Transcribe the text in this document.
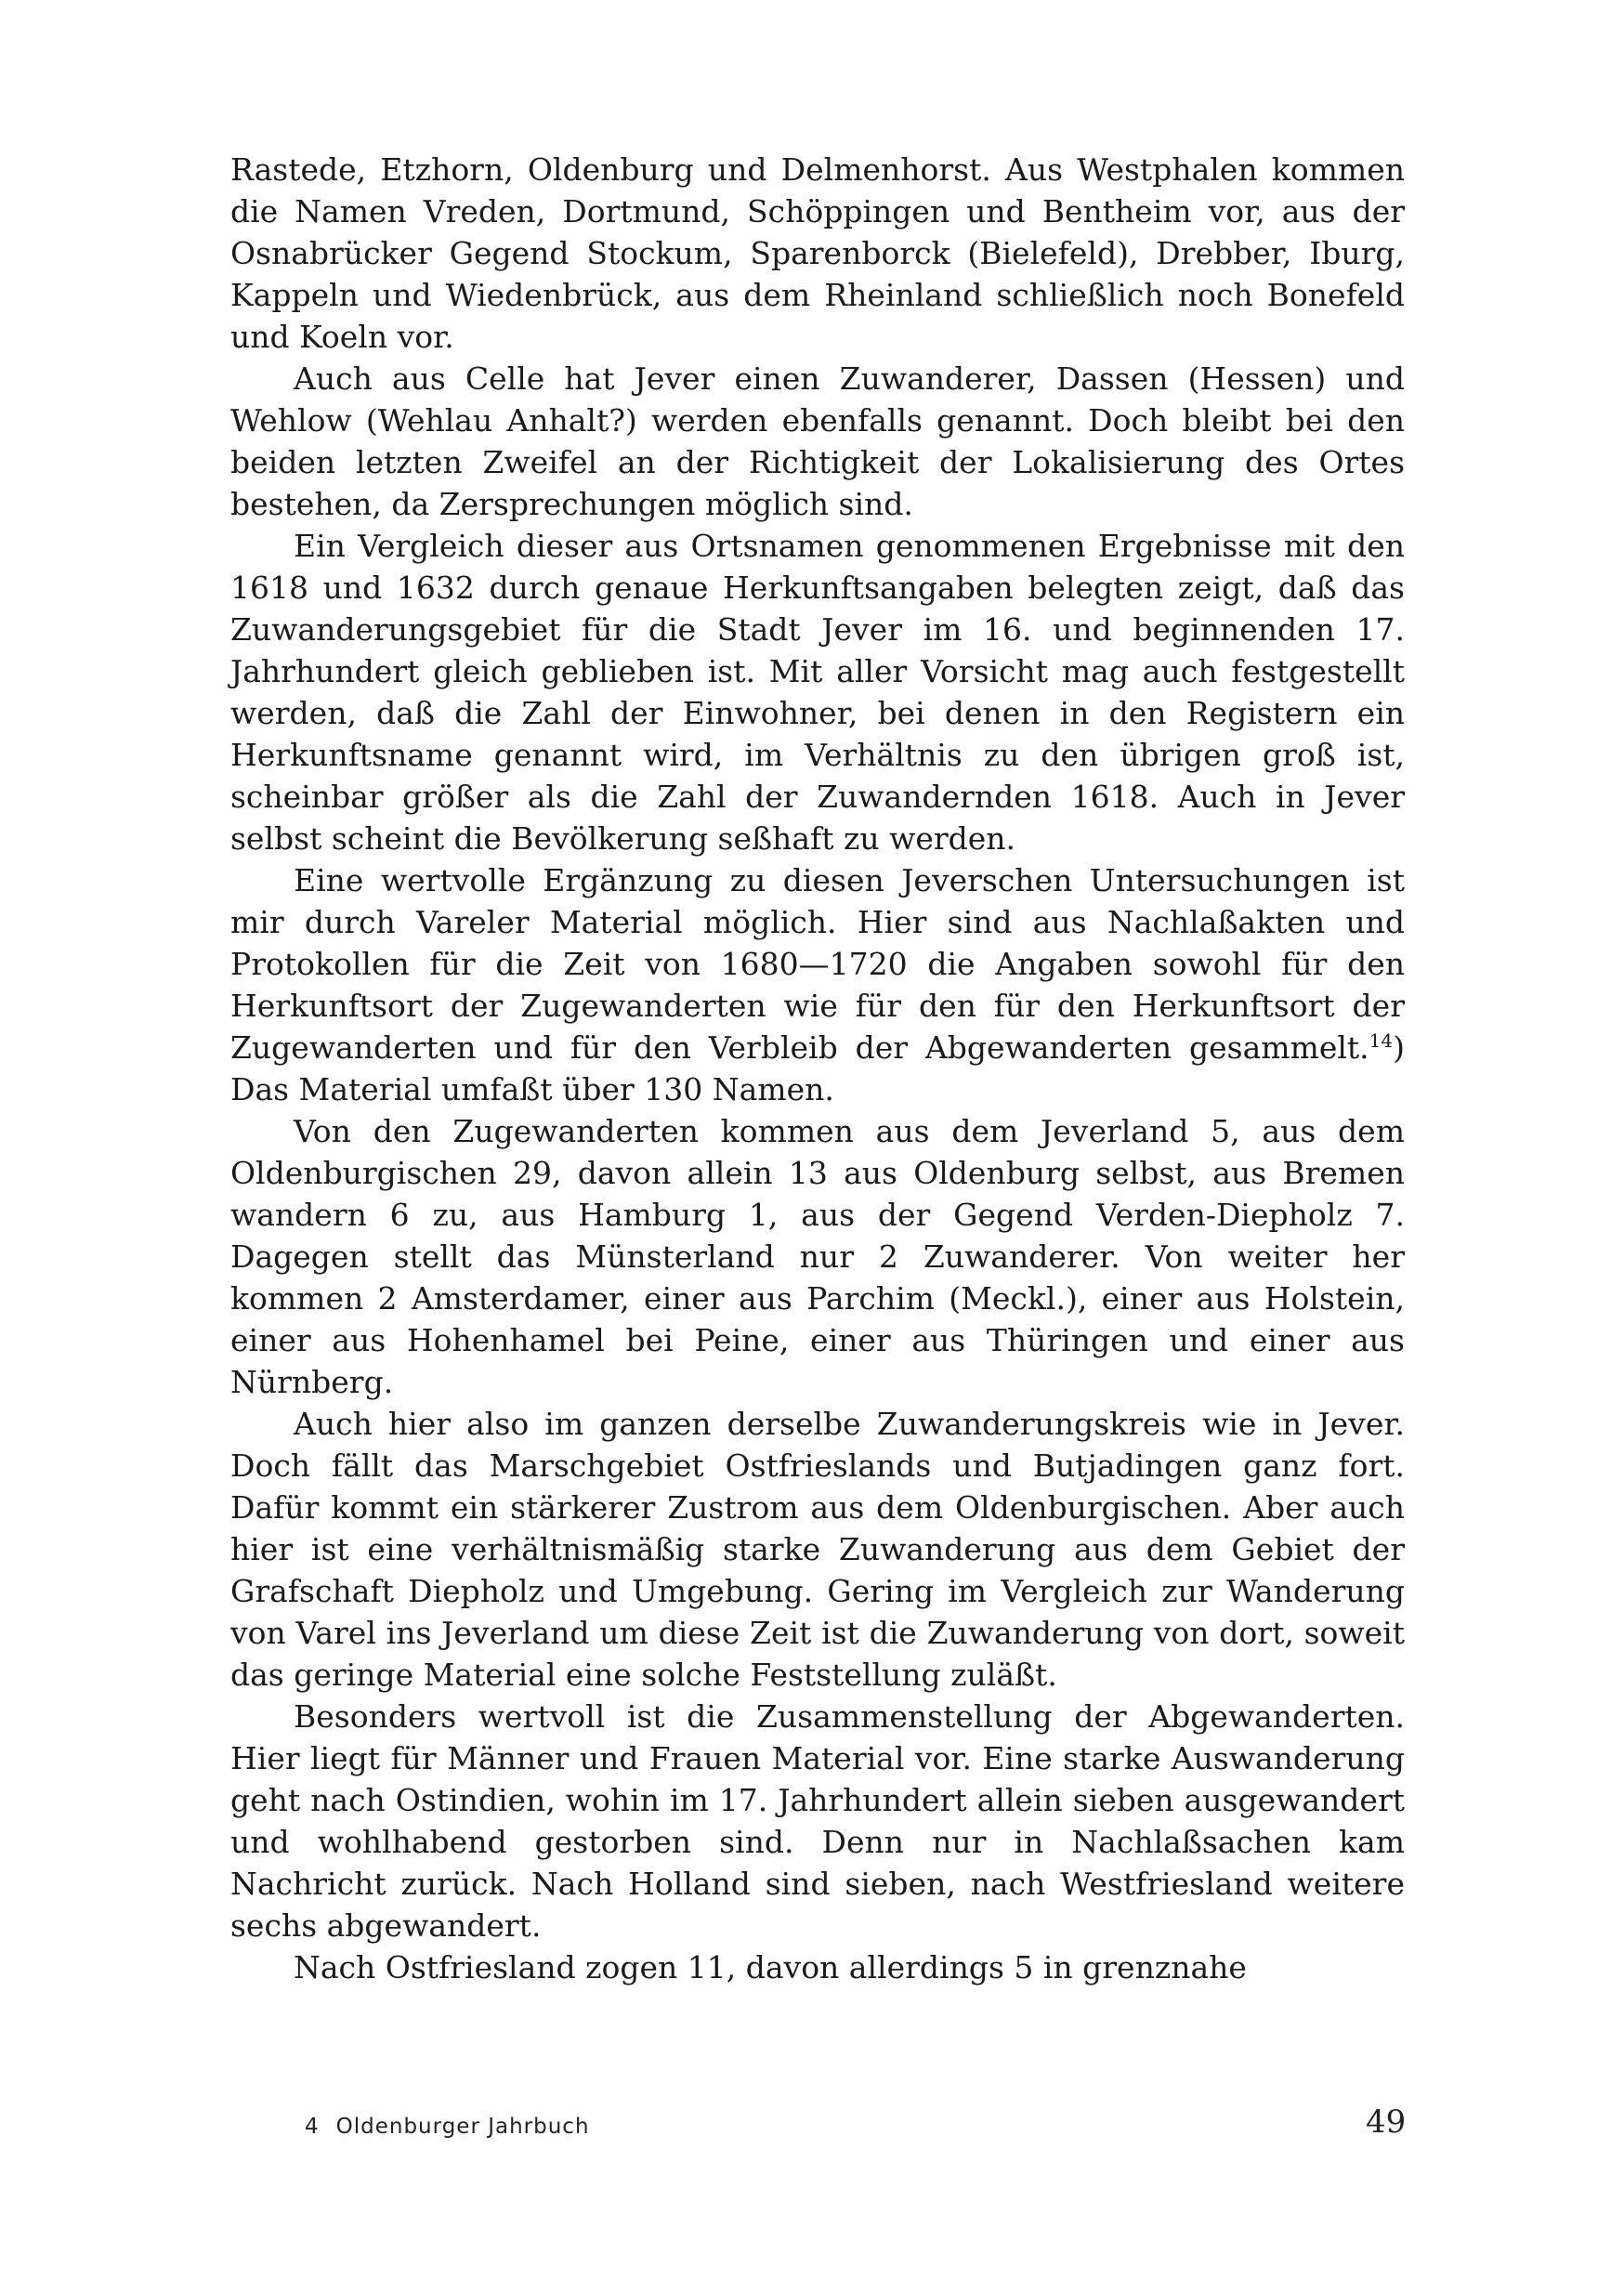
Rastede, Etzhorn, Oldenburg und Delmenhorst. Aus Westphalen kommen die Namen Vreden, Dortmund, Schöppingen und Bentheim vor, aus der Osnabrücker Gegend Stockum, Sparenborck (Bielefeld), Drebber, Iburg, Kappeln und Wiedenbrück, aus dem Rheinland schließlich noch Bonefeld und Koeln vor.

Auch aus Celle hat Jever einen Zuwanderer, Dassen (Hessen) und Wehlow (Wehlau Anhalt?) werden ebenfalls genannt. Doch bleibt bei den beiden letzten Zweifel an der Richtigkeit der Lokalisierung des Ortes bestehen, da Zersprechungen möglich sind.

Ein Vergleich dieser aus Ortsnamen genommenen Ergebnisse mit den 1618 und 1632 durch genaue Herkunftsangaben belegten zeigt, daß das Zuwanderungsgebiet für die Stadt Jever im 16. und beginnenden 17. Jahrhundert gleich geblieben ist. Mit aller Vorsicht mag auch festgestellt werden, daß die Zahl der Einwohner, bei denen in den Registern ein Herkunftsname genannt wird, im Verhältnis zu den übrigen groß ist, scheinbar größer als die Zahl der Zuwandernden 1618. Auch in Jever selbst scheint die Bevölkerung seßhaft zu werden.

Eine wertvolle Ergänzung zu diesen Jeverschen Untersuchungen ist mir durch Vareler Material möglich. Hier sind aus Nachlaßakten und Protokollen für die Zeit von 1680—1720 die Angaben sowohl für den Herkunftsort der Zugewanderten wie für den für den Herkunftsort der Zugewanderten und für den Verbleib der Abgewanderten gesammelt.$^{14}$) Das Material umfaßt über 130 Namen.

Von den Zugewanderten kommen aus dem Jeverland 5, aus dem Oldenburgischen 29, davon allein 13 aus Oldenburg selbst, aus Bremen wandern 6 zu, aus Hamburg 1, aus der Gegend Verden-Diepholz 7. Dagegen stellt das Münsterland nur 2 Zuwanderer. Von weiter her kommen 2 Amsterdamer, einer aus Parchim (Meckl.), einer aus Holstein, einer aus Hohenhamel bei Peine, einer aus Thüringen und einer aus Nürnberg.

Auch hier also im ganzen derselbe Zuwanderungskreis wie in Jever. Doch fällt das Marschgebiet Ostfrieslands und Butjadingen ganz fort. Dafür kommt ein stärkerer Zustrom aus dem Oldenburgischen. Aber auch hier ist eine verhältnismäßig starke Zuwanderung aus dem Gebiet der Grafschaft Diepholz und Umgebung. Gering im Vergleich zur Wanderung von Varel ins Jeverland um diese Zeit ist die Zuwanderung von dort, soweit das geringe Material eine solche Feststellung zuläßt.

Besonders wertvoll ist die Zusammenstellung der Abgewanderten. Hier liegt für Männer und Frauen Material vor. Eine starke Auswanderung geht nach Ostindien, wohin im 17. Jahrhundert allein sieben ausgewandert und wohlhabend gestorben sind. Denn nur in Nachlaßsachen kam Nachricht zurück. Nach Holland sind sieben, nach Westfriesland weitere sechs abgewandert.

Nach Ostfriesland zogen 11, davon allerdings 5 in grenznahe

4 Oldenburger Jahrbuch	49
